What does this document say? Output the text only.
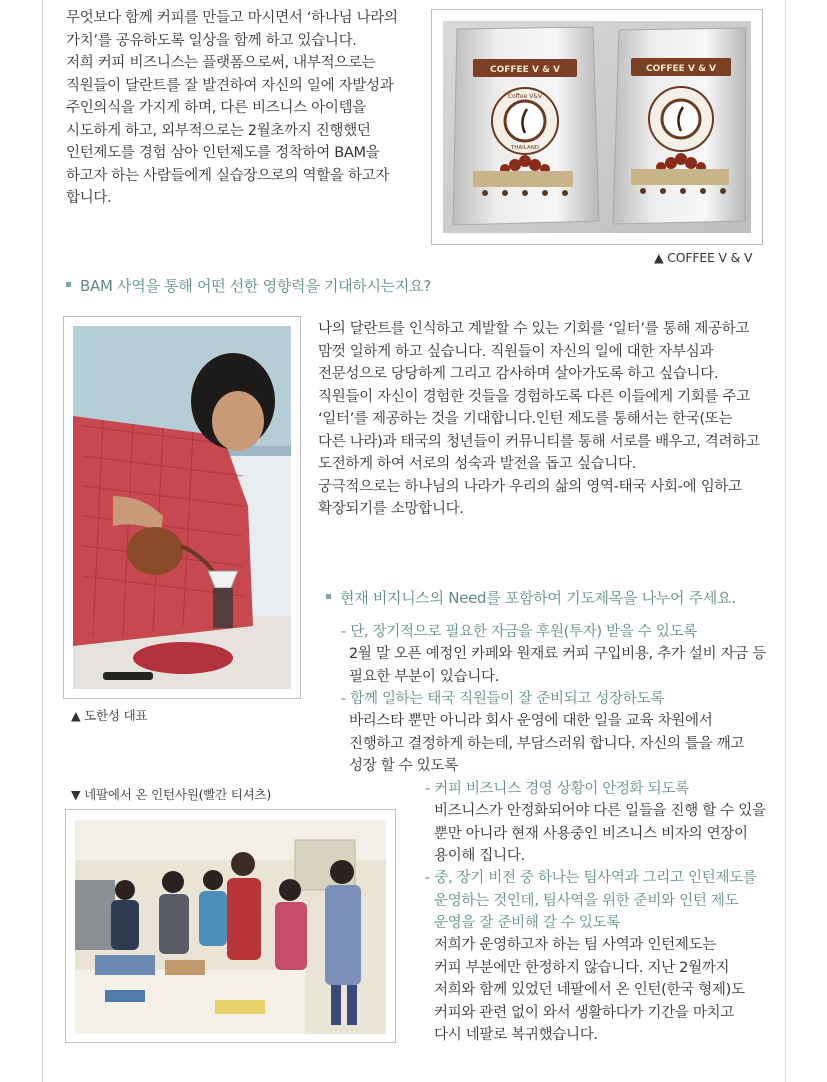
무엇보다 함께 커피를 만들고 마시면서 ‘하나님 나라의

가치’를 공유하도록 일상을 함께 하고 있습니다.

저희 커피 비즈니스는 플랫폼으로써, 내부적으로는

직원들이 달란트를 잘 발견하여 자신의 일에 자발성과

주인의식을 가지게 하며, 다른 비즈니스 아이템을

시도하게 하고, 외부적으로는 2월초까지 진행했던

인턴제도를 경험 삼아 인턴제도를 정착하여 BAM을

하고자 하는 사람들에게 실습장으로의 역할을 하고자

합니다.

COFFEE V & V
Coffee V&V
THAILAND
COFFEE V & V
▲ COFFEE V & V
BAM 사역을 통해 어떤 선한 영향력을 기대하시는지요?
▲ 도한성 대표

나의 달란트를 인식하고 계발할 수 있는 기회를 ‘일터’를 통해 제공하고

맘껏 일하게 하고 싶습니다. 직원들이 자신의 일에 대한 자부심과

전문성으로 당당하게 그리고 감사하며 살아가도록 하고 싶습니다.

직원들이 자신이 경험한 것들을 경험하도록 다른 이들에게 기회를 주고

‘일터’를 제공하는 것을 기대합니다.인턴 제도를 통해서는 한국(또는

다른 나라)과 태국의 청년들이 커뮤니티를 통해 서로를 배우고, 격려하고

도전하게 하여 서로의 성숙과 발전을 돕고 싶습니다.

궁극적으로는 하나님의 나라가 우리의 삶의 영역-태국 사회-에 임하고

확장되기를 소망합니다.

현재 비지니스의 Need를 포함하여 기도제목을 나누어 주세요.
- 단, 장기적으로 필요한 자금을 후원(투자) 받을 수 있도록
2월 말 오픈 예정인 카페와 원재료 커피 구입비용, 추가 설비 자금 등
필요한 부분이 있습니다.
- 함께 일하는 태국 직원들이 잘 준비되고 성장하도록
바리스타 뿐만 아니라 회사 운영에 대한 일을 교육 차원에서
진행하고 결정하게 하는데, 부담스러워 합니다. 자신의 틀을 깨고
성장 할 수 있도록
▼ 네팔에서 온 인턴사원(빨간 티셔츠)	- 커피 비즈니스 경영 상황이 안정화 되도록
비즈니스가 안정화되어야 다른 일들을 진행 할 수 있을
뿐만 아니라 현재 사용중인 비즈니스 비자의 연장이
용이해 집니다.
- 중, 장기 비전 중 하나는 팀사역과 그리고 인턴제도를
운영하는 것인데, 팀사역을 위한 준비와 인턴 제도
운영을 잘 준비해 갈 수 있도록
저희가 운영하고자 하는 팀 사역과 인턴제도는
커피 부분에만 한정하지 않습니다. 지난 2월까지
저희와 함께 있었던 네팔에서 온 인턴(한국 형제)도
커피와 관련 없이 와서 생활하다가 기간을 마치고
다시 네팔로 복귀했습니다.
